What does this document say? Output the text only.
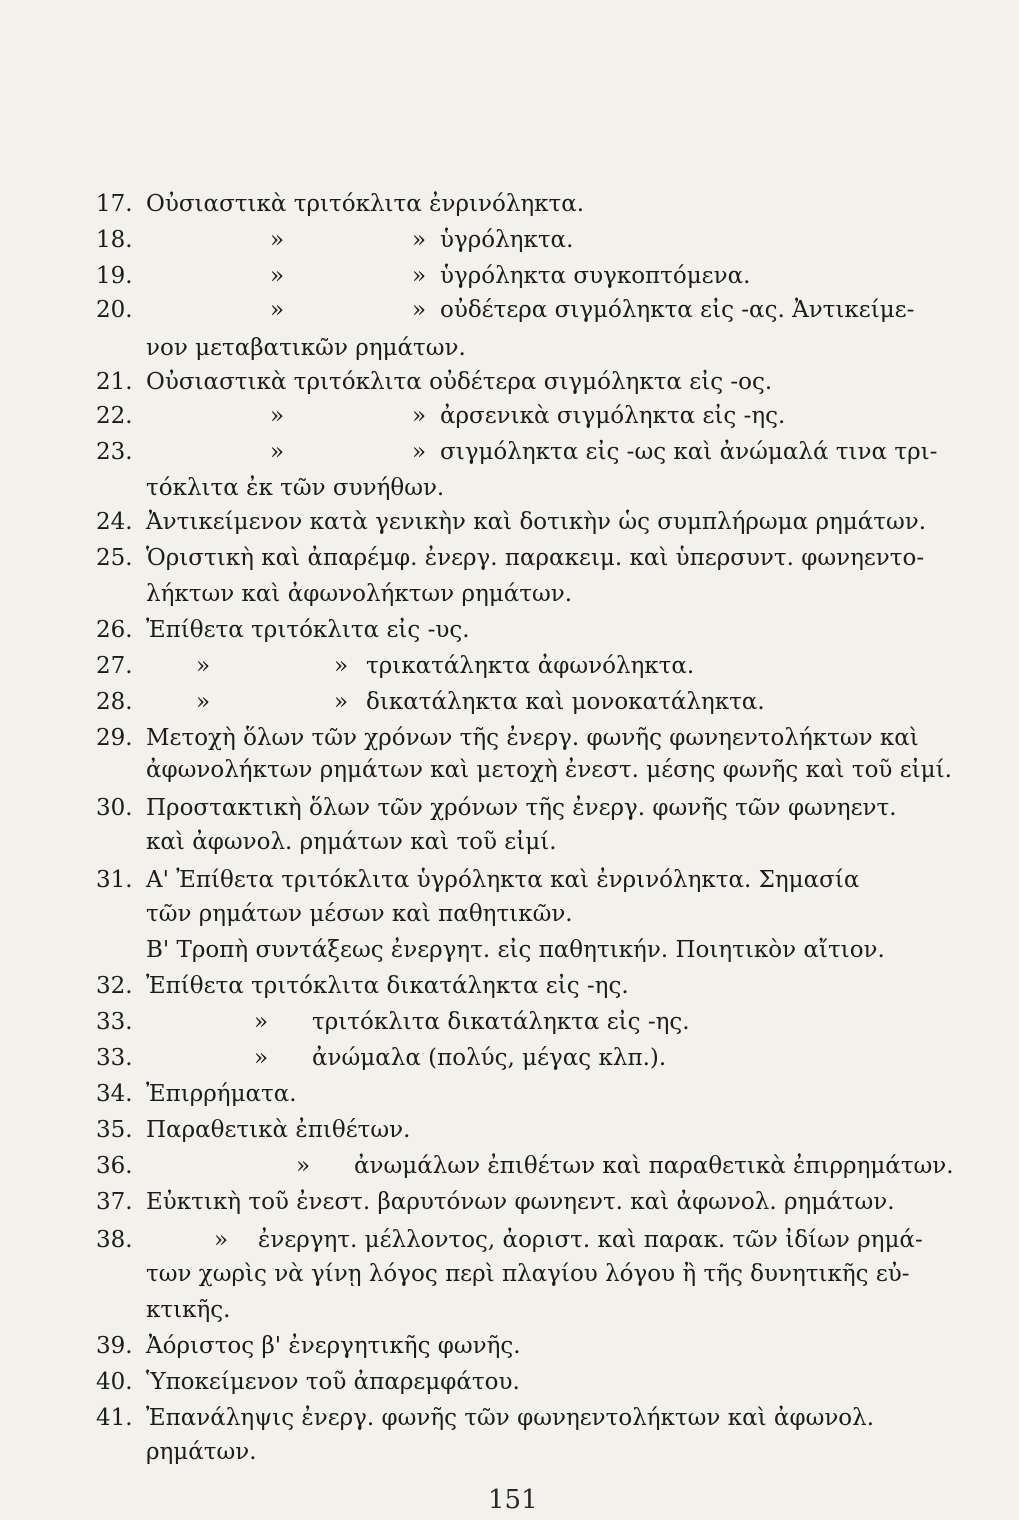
17. Οὐσιαστικὰ τριτόκλιτα ἐνρινόληκτα.
18.	»	» ὑγρόληκτα.
19.	»	» ὑγρόληκτα συγκοπτόμενα.
20.	»	» οὐδέτερα σιγμόληκτα εἰς -ας. Ἀντικείμε-
νον μεταβατικῶν ρημάτων.
21. Οὐσιαστικὰ τριτόκλιτα οὐδέτερα σιγμόληκτα εἰς -ος.
22.	»	» ἀρσενικὰ σιγμόληκτα εἰς -ης.
23.	»	» σιγμόληκτα εἰς -ως καὶ ἀνώμαλά τινα τρι-
τόκλιτα ἐκ τῶν συνήθων.
24. Ἀντικείμενον κατὰ γενικὴν καὶ δοτικὴν ὡς συμπλήρωμα ρημάτων.
25. Ὁριστικὴ καὶ ἀπαρέμφ. ἐνεργ. παρακειμ. καὶ ὑπερσυντ. φωνηεντο-
λήκτων καὶ ἀφωνολήκτων ρημάτων.
26. Ἐπίθετα τριτόκλιτα εἰς -υς.
27.	»	» τρικατάληκτα ἀφωνόληκτα.
28.	»	» δικατάληκτα καὶ μονοκατάληκτα.
29. Μετοχὴ ὅλων τῶν χρόνων τῆς ἐνεργ. φωνῆς φωνηεντολήκτων καὶ
ἀφωνολήκτων ρημάτων καὶ μετοχὴ ἐνεστ. μέσης φωνῆς καὶ τοῦ εἰμί.
30. Προστακτικὴ ὅλων τῶν χρόνων τῆς ἐνεργ. φωνῆς τῶν φωνηεντ.
καὶ ἀφωνολ. ρημάτων καὶ τοῦ εἰμί.
31. Α' Ἐπίθετα τριτόκλιτα ὑγρόληκτα καὶ ἐνρινόληκτα. Σημασία
τῶν ρημάτων μέσων καὶ παθητικῶν.
Β' Τροπὴ συντάξεως ἐνεργητ. εἰς παθητικήν. Ποιητικὸν αἴτιον.
32. Ἐπίθετα τριτόκλιτα δικατάληκτα εἰς -ης.
33.	» τριτόκλιτα δικατάληκτα εἰς -ης.
33.	» ἀνώμαλα (πολύς, μέγας κλπ.).
34. Ἐπιρρήματα.
35. Παραθετικὰ ἐπιθέτων.
36.	» ἀνωμάλων ἐπιθέτων καὶ παραθετικὰ ἐπιρρημάτων.
37. Εὐκτικὴ τοῦ ἐνεστ. βαρυτόνων φωνηεντ. καὶ ἀφωνολ. ρημάτων.
38.	» ἐνεργητ. μέλλοντος, ἀοριστ. καὶ παρακ. τῶν ἰδίων ρημά-
των χωρὶς νὰ γίνῃ λόγος περὶ πλαγίου λόγου ἢ τῆς δυνητικῆς εὐ-
κτικῆς.
39. Ἀόριστος β' ἐνεργητικῆς φωνῆς.
40. Ὑποκείμενον τοῦ ἀπαρεμφάτου.
41. Ἐπανάληψις ἐνεργ. φωνῆς τῶν φωνηεντολήκτων καὶ ἀφωνολ.
ρημάτων.
151
